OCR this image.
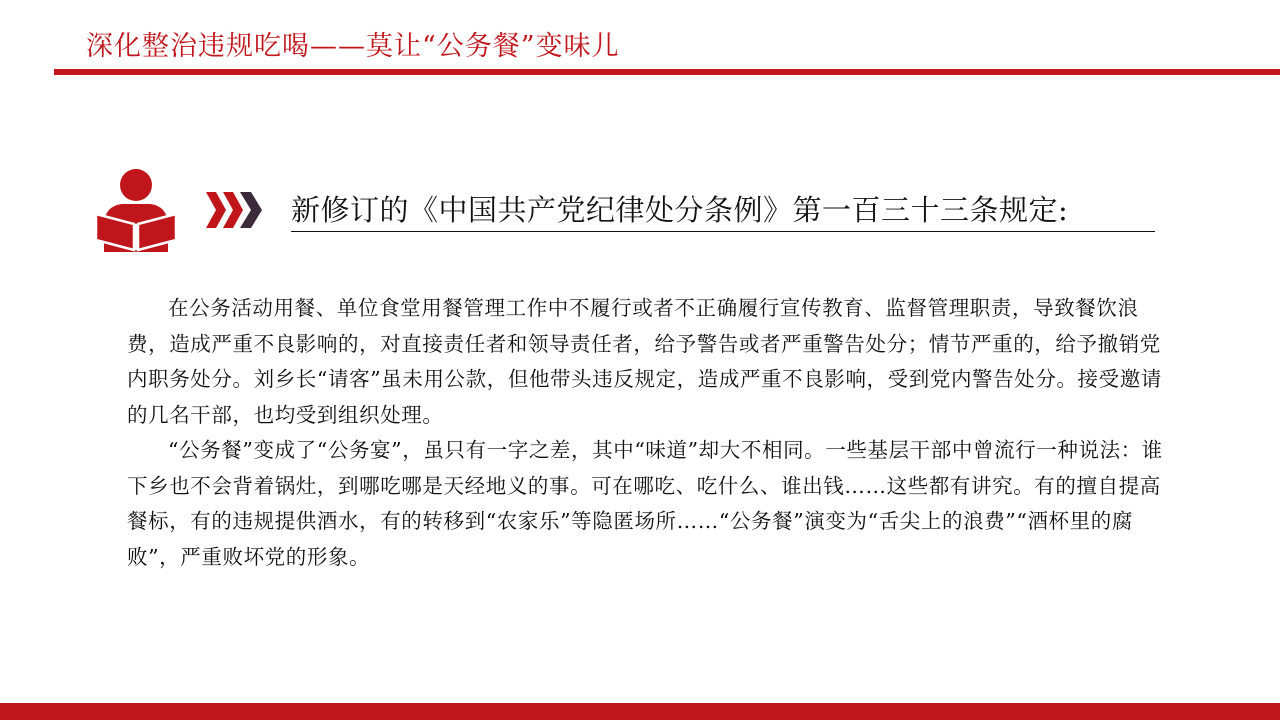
深化整治违规吃喝——莫让“公务餐”变味儿
新修订的《中国共产党纪律处分条例》第一百三十三条规定:

在公务活动用餐、单位食堂用餐管理工作中不履行或者不正确履行宣传教育、监督管理职责，导致餐饮浪费，造成严重不良影响的，对直接责任者和领导责任者，给予警告或者严重警告处分；情节严重的，给予撤销党内职务处分。刘乡长“请客”虽未用公款，但他带头违反规定，造成严重不良影响，受到党内警告处分。接受邀请的几名干部，也均受到组织处理。

“公务餐”变成了“公务宴”，虽只有一字之差，其中“味道”却大不相同。一些基层干部中曾流行一种说法：谁下乡也不会背着锅灶，到哪吃哪是天经地义的事。可在哪吃、吃什么、谁出钱……这些都有讲究。有的擅自提高餐标，有的违规提供酒水，有的转移到“农家乐”等隐匿场所……“公务餐”演变为“舌尖上的浪费”“酒杯里的腐败”，严重败坏党的形象。
